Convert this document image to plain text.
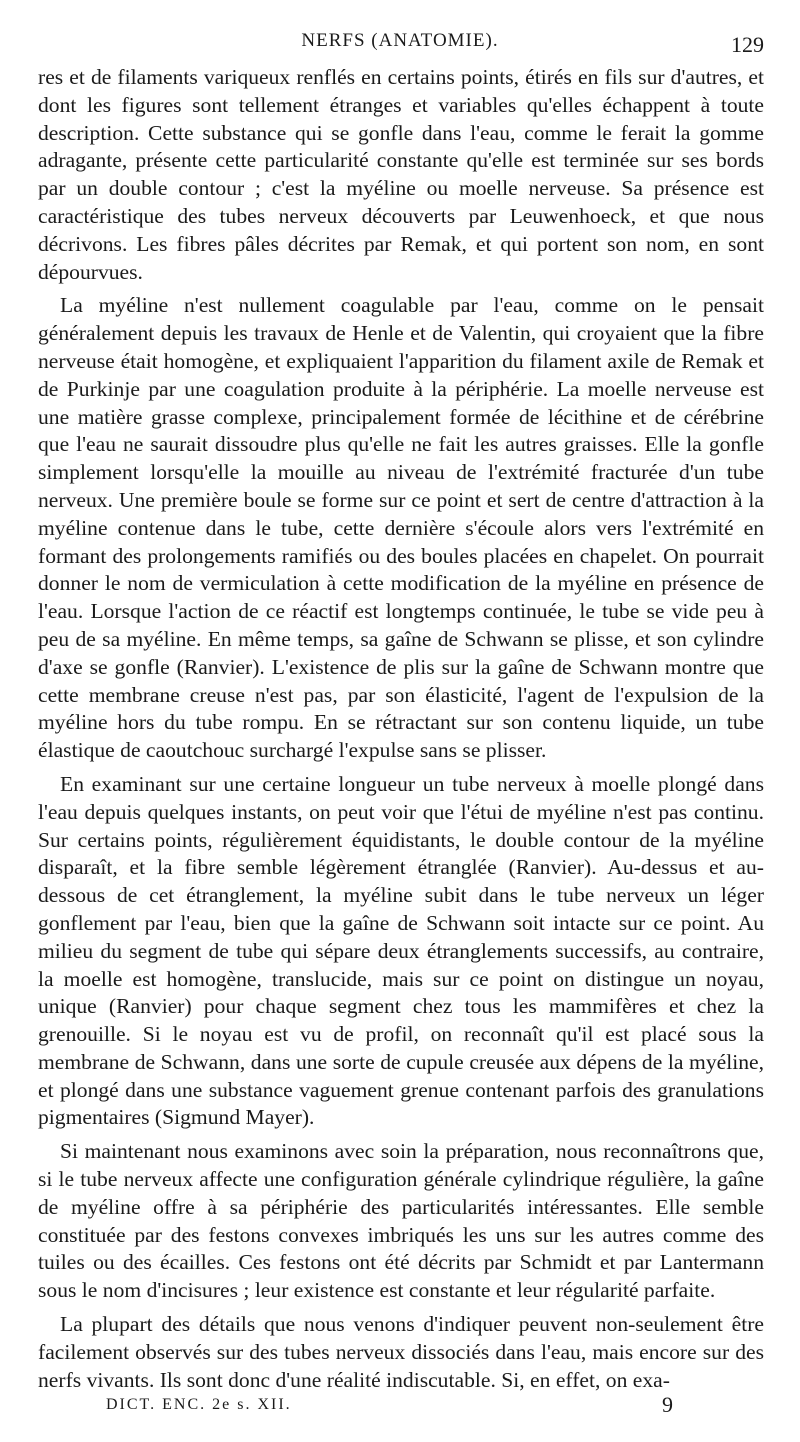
NERFS (ANATOMIE).	129

res et de filaments variqueux renflés en certains points, étirés en fils sur d'autres, et dont les figures sont tellement étranges et variables qu'elles échappent à toute description. Cette substance qui se gonfle dans l'eau, comme le ferait la gomme adragante, présente cette particularité constante qu'elle est terminée sur ses bords par un double contour ; c'est la myéline ou moelle nerveuse. Sa présence est caractéristique des tubes nerveux découverts par Leuwenhoeck, et que nous décrivons. Les fibres pâles décrites par Remak, et qui portent son nom, en sont dépourvues.

La myéline n'est nullement coagulable par l'eau, comme on le pensait généralement depuis les travaux de Henle et de Valentin, qui croyaient que la fibre nerveuse était homogène, et expliquaient l'apparition du filament axile de Remak et de Purkinje par une coagulation produite à la périphérie. La moelle nerveuse est une matière grasse complexe, principalement formée de lécithine et de cérébrine que l'eau ne saurait dissoudre plus qu'elle ne fait les autres graisses. Elle la gonfle simplement lorsqu'elle la mouille au niveau de l'extrémité fracturée d'un tube nerveux. Une première boule se forme sur ce point et sert de centre d'attraction à la myéline contenue dans le tube, cette dernière s'écoule alors vers l'extrémité en formant des prolongements ramifiés ou des boules placées en chapelet. On pourrait donner le nom de vermiculation à cette modification de la myéline en présence de l'eau. Lorsque l'action de ce réactif est longtemps continuée, le tube se vide peu à peu de sa myéline. En même temps, sa gaîne de Schwann se plisse, et son cylindre d'axe se gonfle (Ranvier). L'existence de plis sur la gaîne de Schwann montre que cette membrane creuse n'est pas, par son élasticité, l'agent de l'expulsion de la myéline hors du tube rompu. En se rétractant sur son contenu liquide, un tube élastique de caoutchouc surchargé l'expulse sans se plisser.

En examinant sur une certaine longueur un tube nerveux à moelle plongé dans l'eau depuis quelques instants, on peut voir que l'étui de myéline n'est pas continu. Sur certains points, régulièrement équidistants, le double contour de la myéline disparaît, et la fibre semble légèrement étranglée (Ranvier). Au-dessus et au-dessous de cet étranglement, la myéline subit dans le tube nerveux un léger gonflement par l'eau, bien que la gaîne de Schwann soit intacte sur ce point. Au milieu du segment de tube qui sépare deux étranglements successifs, au contraire, la moelle est homogène, translucide, mais sur ce point on distingue un noyau, unique (Ranvier) pour chaque segment chez tous les mammifères et chez la grenouille. Si le noyau est vu de profil, on reconnaît qu'il est placé sous la membrane de Schwann, dans une sorte de cupule creusée aux dépens de la myéline, et plongé dans une substance vaguement grenue contenant parfois des granulations pigmentaires (Sigmund Mayer).

Si maintenant nous examinons avec soin la préparation, nous reconnaîtrons que, si le tube nerveux affecte une configuration générale cylindrique régulière, la gaîne de myéline offre à sa périphérie des particularités intéressantes. Elle semble constituée par des festons convexes imbriqués les uns sur les autres comme des tuiles ou des écailles. Ces festons ont été décrits par Schmidt et par Lantermann sous le nom d'incisures ; leur existence est constante et leur régularité parfaite.

La plupart des détails que nous venons d'indiquer peuvent non-seulement être facilement observés sur des tubes nerveux dissociés dans l'eau, mais encore sur des nerfs vivants. Ils sont donc d'une réalité indiscutable. Si, en effet, on exa-

DICT. ENC. 2e s. XII.	9
